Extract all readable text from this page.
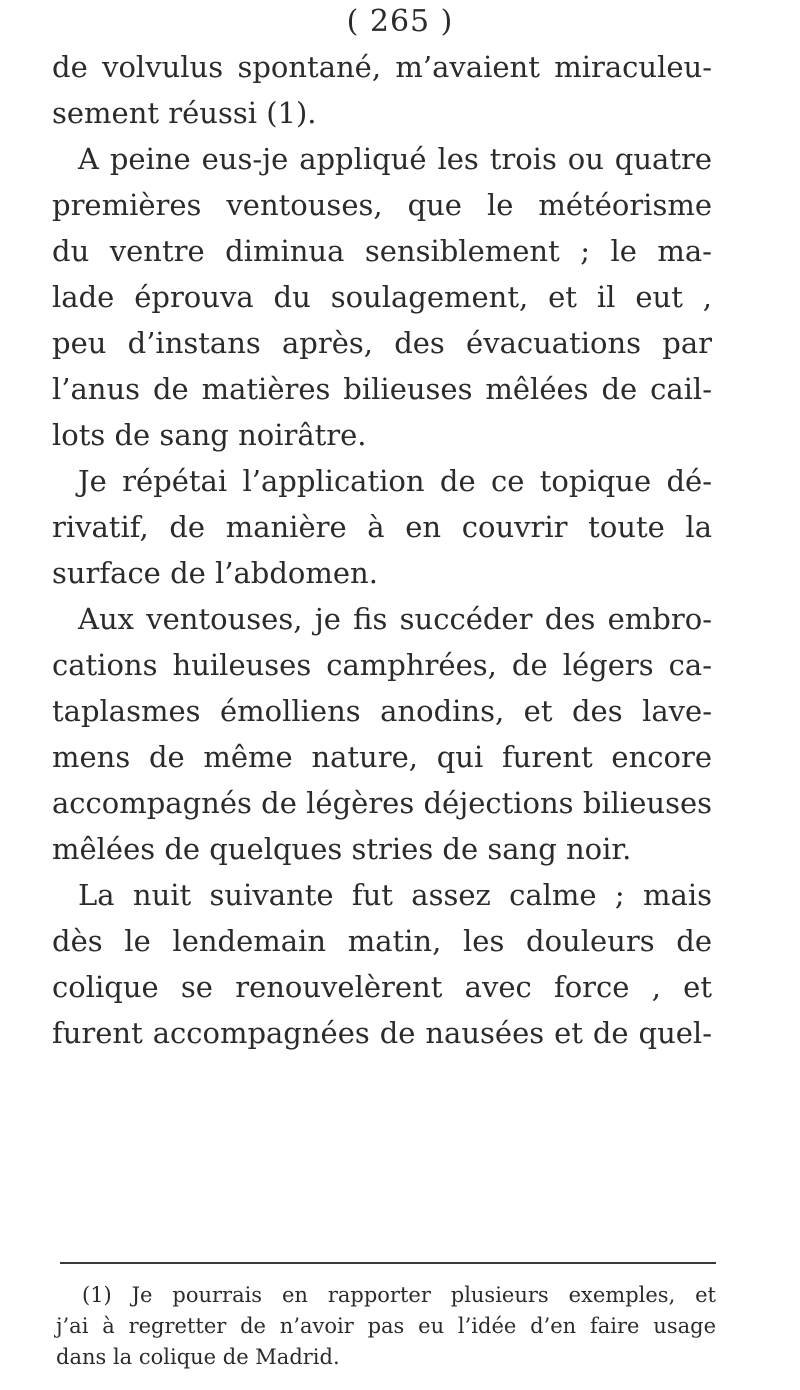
( 265 )
de volvulus spontané, m’avaient miraculeu-
sement réussi (1).
A peine eus-je appliqué les trois ou quatre
premières ventouses, que le météorisme
du ventre diminua sensiblement ; le ma-
lade éprouva du soulagement, et il eut ,
peu d’instans après, des évacuations par
l’anus de matières bilieuses mêlées de cail-
lots de sang noirâtre.
Je répétai l’application de ce topique dé-
rivatif, de manière à en couvrir toute la
surface de l’abdomen.
Aux ventouses, je fis succéder des embro-
cations huileuses camphrées, de légers ca-
taplasmes émolliens anodins, et des lave-
mens de même nature, qui furent encore
accompagnés de légères déjections bilieuses
mêlées de quelques stries de sang noir.
La nuit suivante fut assez calme ; mais
dès le lendemain matin, les douleurs de
colique se renouvelèrent avec force , et
furent accompagnées de nausées et de quel-
(1) Je pourrais en rapporter plusieurs exemples, et
j’ai à regretter de n’avoir pas eu l’idée d’en faire usage
dans la colique de Madrid.
